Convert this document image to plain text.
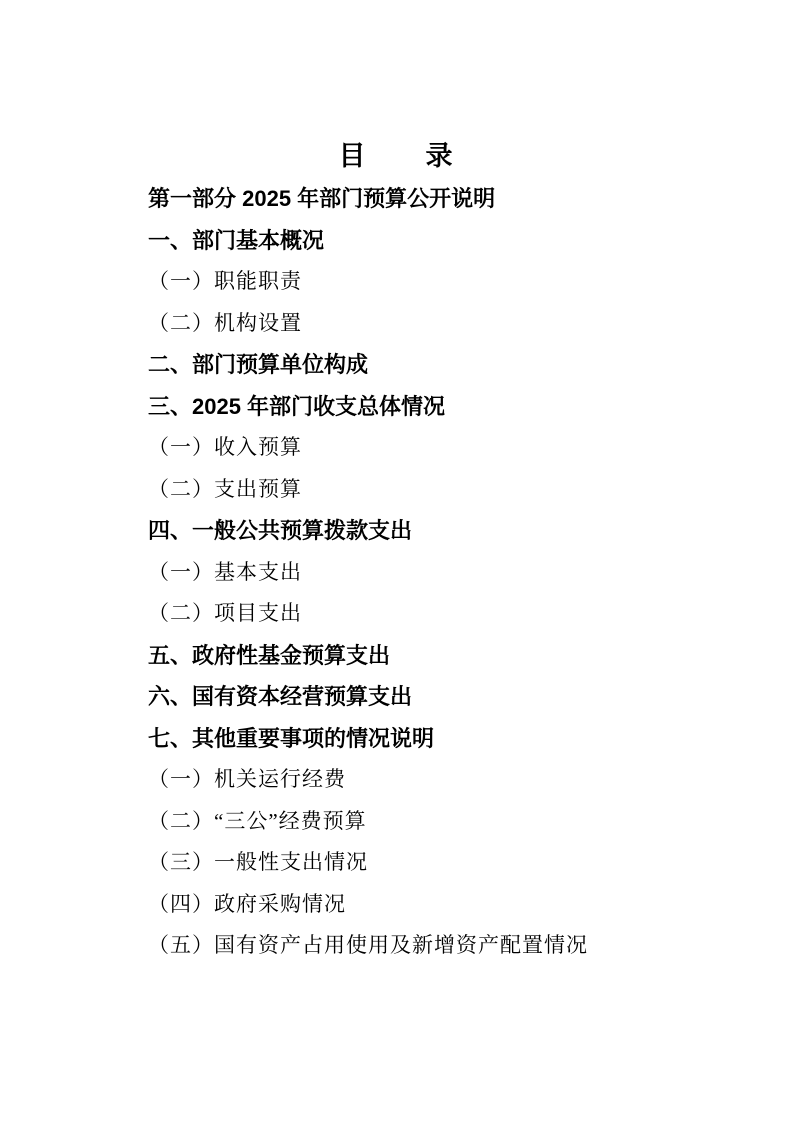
目　　录
第一部分 2025 年部门预算公开说明
一、部门基本概况
（一）职能职责
（二）机构设置
二、部门预算单位构成
三、2025 年部门收支总体情况
（一）收入预算
（二）支出预算
四、一般公共预算拨款支出
（一）基本支出
（二）项目支出
五、政府性基金预算支出
六、国有资本经营预算支出
七、其他重要事项的情况说明
（一）机关运行经费
（二）“三公”经费预算
（三）一般性支出情况
（四）政府采购情况
（五）国有资产占用使用及新增资产配置情况
